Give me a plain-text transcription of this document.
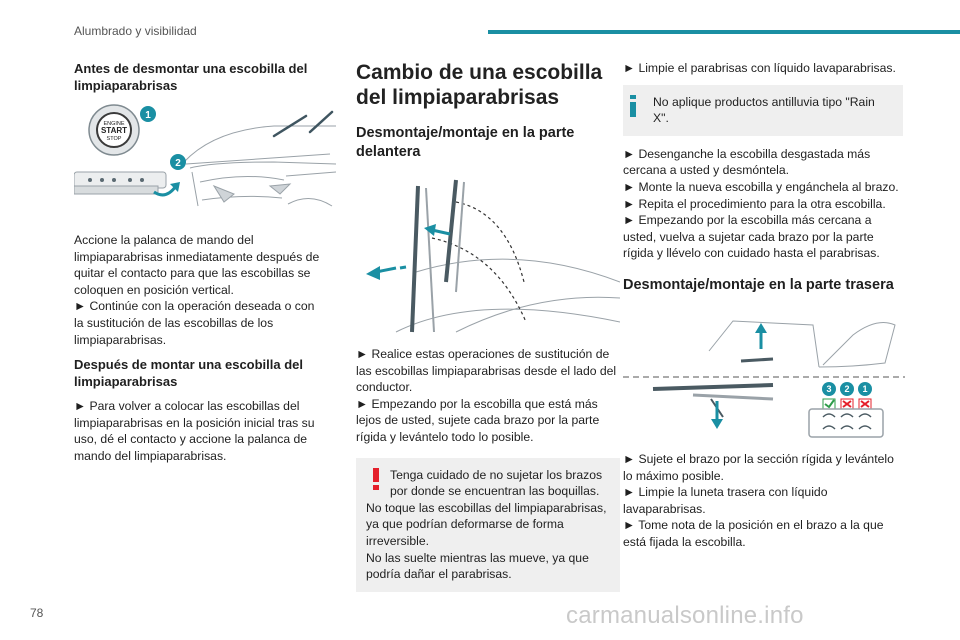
Alumbrado y visibilidad

Antes de desmontar una escobilla del limpiaparabrisas

ENGINE
START
STOP
1
2

Accione la palanca de mando del limpiaparabrisas inmediatamente después de quitar el contacto para que las escobillas se coloquen en posición vertical.

► Continúe con la operación deseada o con la sustitución de las escobillas de los limpiaparabrisas.

Después de montar una escobilla del limpiaparabrisas

► Para volver a colocar las escobillas del limpiaparabrisas en la posición inicial tras su uso, dé el contacto y accione la palanca de mando del limpiaparabrisas.

Cambio de una escobilla del limpiaparabrisas
Desmontaje/montaje en la parte delantera

► Realice estas operaciones de sustitución de las escobillas limpiaparabrisas desde el lado del conductor.

► Empezando por la escobilla que está más lejos de usted, sujete cada brazo por la parte rígida y levántelo todo lo posible.

Tenga cuidado de no sujetar los brazos por donde se encuentran las boquillas.
No toque las escobillas del limpiaparabrisas, ya que podrían deformarse de forma irreversible.
No las suelte mientras las mueve, ya que podría dañar el parabrisas.

► Limpie el parabrisas con líquido lavaparabrisas.

No aplique productos antilluvia tipo "Rain X".

► Desenganche la escobilla desgastada más cercana a usted y desmóntela.

► Monte la nueva escobilla y engánchela al brazo.

► Repita el procedimiento para la otra escobilla.

► Empezando por la escobilla más cercana a usted, vuelva a sujetar cada brazo por la parte rígida y llévelo con cuidado hasta el parabrisas.

Desmontaje/montaje en la parte trasera
3 2 1

► Sujete el brazo por la sección rígida y levántelo lo máximo posible.

► Limpie la luneta trasera con líquido lavaparabrisas.

► Tome nota de la posición en el brazo a la que está fijada la escobilla.

78	carmanualsonline.info
